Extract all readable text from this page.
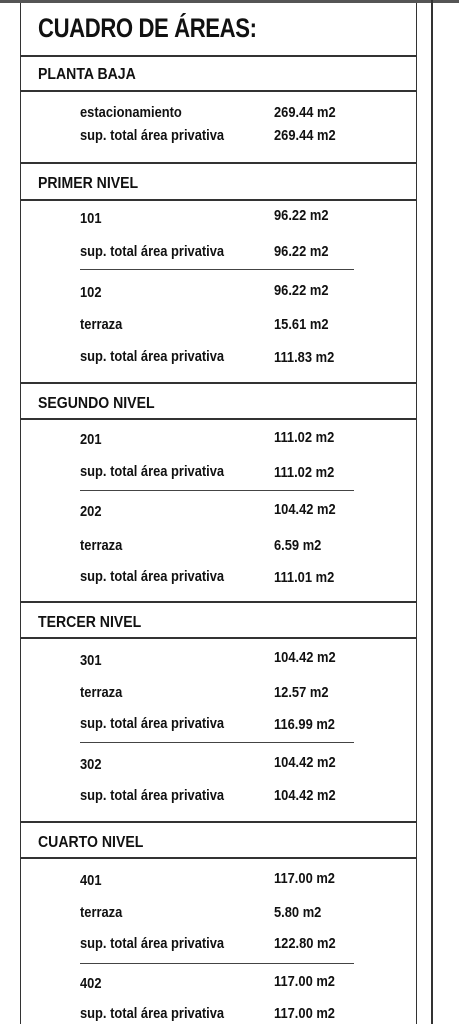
CUADRO DE ÁREAS:
PLANTA BAJA
estacionamiento	269.44 m2
sup. total área privativa	269.44 m2
PRIMER NIVEL
101	96.22 m2
sup. total área privativa	96.22 m2
102	96.22 m2
terraza	15.61 m2
sup. total área privativa	111.83 m2
SEGUNDO NIVEL
201	111.02 m2
sup. total área privativa	111.02 m2
202	104.42 m2
terraza	6.59 m2
sup. total área privativa	111.01 m2
TERCER NIVEL
301	104.42 m2
terraza	12.57 m2
sup. total área privativa	116.99 m2
302	104.42 m2
sup. total área privativa	104.42 m2
CUARTO NIVEL
401	117.00 m2
terraza	5.80 m2
sup. total área privativa	122.80 m2
402	117.00 m2
sup. total área privativa	117.00 m2
